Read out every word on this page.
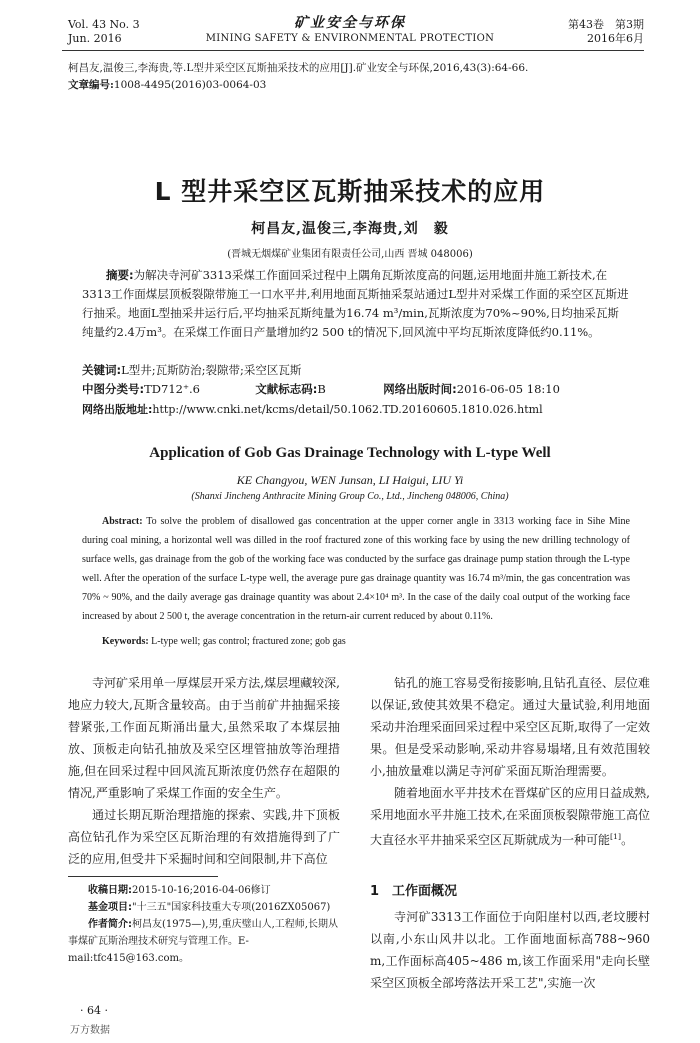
Vol. 43 No. 3
Jun. 2016
矿业安全与环保
MINING SAFETY & ENVIRONMENTAL PROTECTION
第43卷　第3期
2016年6月
柯昌友,温俊三,李海贵,等.L型井采空区瓦斯抽采技术的应用[J].矿业安全与环保,2016,43(3):64-66.
文章编号:1008-4495(2016)03-0064-03
L 型井采空区瓦斯抽采技术的应用
柯昌友,温俊三,李海贵,刘　毅
(晋城无烟煤矿业集团有限责任公司,山西 晋城 048006)
摘要:为解决寺河矿3313采煤工作面回采过程中上隅角瓦斯浓度高的问题,运用地面井施工新技术,在3313工作面煤层顶板裂隙带施工一口水平井,利用地面瓦斯抽采泵站通过L型井对采煤工作面的采空区瓦斯进行抽采。地面L型抽采井运行后,平均抽采瓦斯纯量为16.74 m³/min,瓦斯浓度为70%~90%,日均抽采瓦斯纯量约2.4万m³。在采煤工作面日产量增加约2 500 t的情况下,回风流中平均瓦斯浓度降低约0.11%。
关键词:L型井;瓦斯防治;裂隙带;采空区瓦斯
中图分类号:TD712⁺.6	文献标志码:B	网络出版时间:2016-06-05 18:10
网络出版地址:http://www.cnki.net/kcms/detail/50.1062.TD.20160605.1810.026.html
Application of Gob Gas Drainage Technology with L-type Well
KE Changyou, WEN Junsan, LI Haigui, LIU Yi
(Shanxi Jincheng Anthracite Mining Group Co., Ltd., Jincheng 048006, China)
Abstract: To solve the problem of disallowed gas concentration at the upper corner angle in 3313 working face in Sihe Mine during coal mining, a horizontal well was dilled in the roof fractured zone of this working face by using the new drilling technology of surface wells, gas drainage from the gob of the working face was conducted by the surface gas drainage pump station through the L-type well. After the operation of the surface L-type well, the average pure gas drainage quantity was 16.74 m³/min, the gas concentration was 70% ~ 90%, and the daily average gas drainage quantity was about 2.4×10⁴ m³. In the case of the daily coal output of the working face increased by about 2 500 t, the average concentration in the return-air current reduced by about 0.11%.
Keywords: L-type well; gas control; fractured zone; gob gas

寺河矿采用单一厚煤层开采方法,煤层埋藏较深,地应力较大,瓦斯含量较高。由于当前矿井抽掘采接替紧张,工作面瓦斯涌出量大,虽然采取了本煤层抽放、顶板走向钻孔抽放及采空区埋管抽放等治理措施,但在回采过程中回风流瓦斯浓度仍然存在超限的情况,严重影响了采煤工作面的安全生产。

通过长期瓦斯治理措施的探索、实践,井下顶板高位钻孔作为采空区瓦斯治理的有效措施得到了广泛的应用,但受井下采掘时间和空间限制,井下高位

钻孔的施工容易受衔接影响,且钻孔直径、层位难以保证,致使其效果不稳定。通过大量试验,利用地面采动井治理采面回采过程中采空区瓦斯,取得了一定效果。但是受采动影响,采动井容易塌堵,且有效范围较小,抽放量难以满足寺河矿采面瓦斯治理需要。

随着地面水平井技术在晋煤矿区的应用日益成熟,采用地面水平井施工技术,在采面顶板裂隙带施工高位大直径水平井抽采采空区瓦斯就成为一种可能[1]。

1　工作面概况

寺河矿3313工作面位于向阳崖村以西,老坟腰村以南,小东山风井以北。工作面地面标高788~960 m,工作面标高405~486 m,该工作面采用"走向长壁采空区顶板全部垮落法开采工艺",实施一次

收稿日期:2015-10-16;2016-04-06修订
基金项目:"十三五"国家科技重大专项(2016ZX05067)
作者简介:柯昌友(1975—),男,重庆璧山人,工程师,长期从事煤矿瓦斯治理技术研究与管理工作。E-mail:tfc415@163.com。
· 64 ·
万方数据
